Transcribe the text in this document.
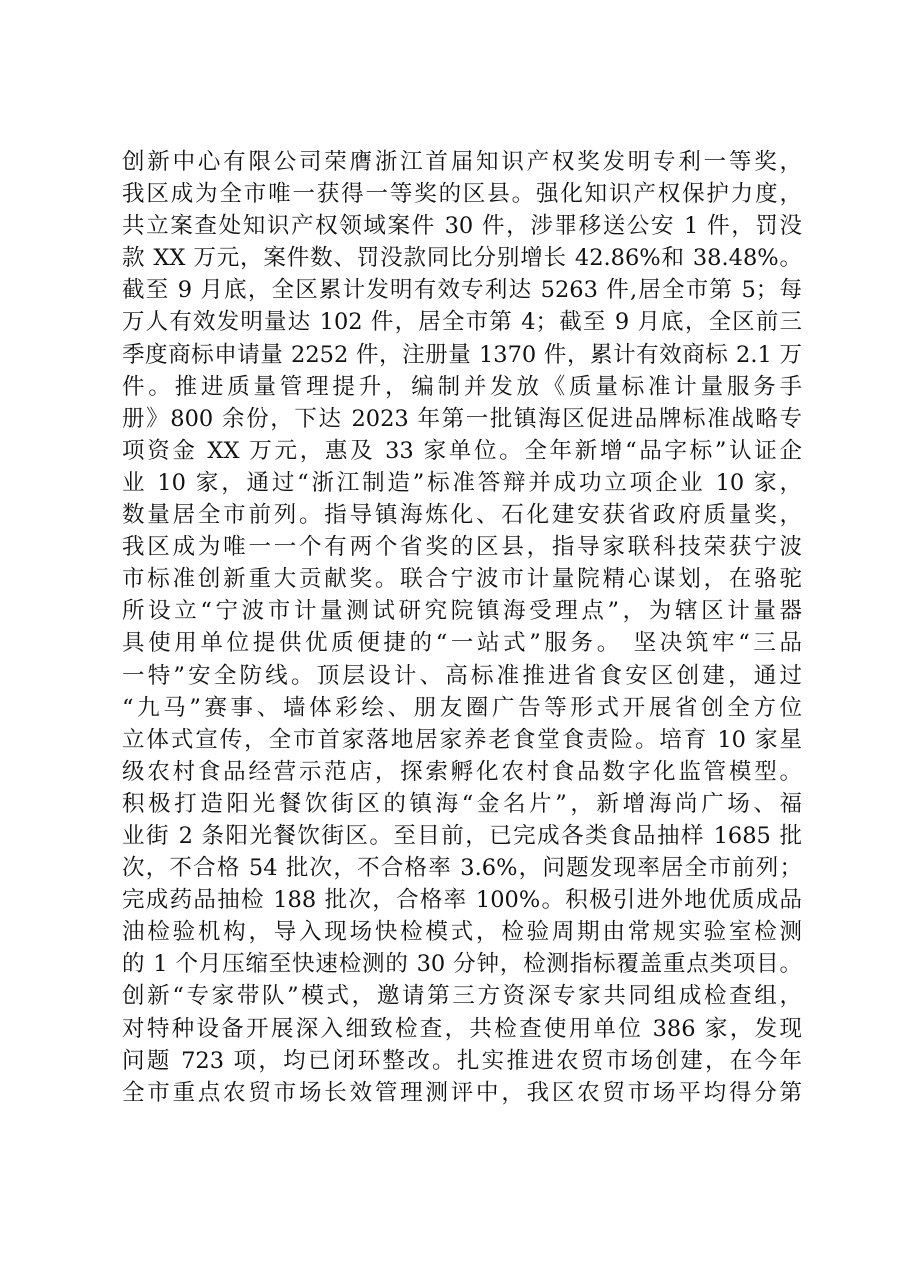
创新中心有限公司荣膺浙江首届知识产权奖发明专利一等奖，
我区成为全市唯一获得一等奖的区县。强化知识产权保护力度，
共立案查处知识产权领域案件 30 件，涉罪移送公安 1 件，罚没
款 XX 万元，案件数、罚没款同比分别增长 42.86%和 38.48%。
截至 9 月底，全区累计发明有效专利达 5263 件,居全市第 5；每
万人有效发明量达 102 件，居全市第 4；截至 9 月底，全区前三
季度商标申请量 2252 件，注册量 1370 件，累计有效商标 2.1 万
件。推进质量管理提升，编制并发放《质量标准计量服务手
册》800 余份，下达 2023 年第一批镇海区促进品牌标准战略专
项资金 XX 万元，惠及 33 家单位。全年新增“品字标”认证企
业 10 家，通过“浙江制造”标准答辩并成功立项企业 10 家，
数量居全市前列。指导镇海炼化、石化建安获省政府质量奖，
我区成为唯一一个有两个省奖的区县，指导家联科技荣获宁波
市标准创新重大贡献奖。联合宁波市计量院精心谋划，在骆驼
所设立“宁波市计量测试研究院镇海受理点”，为辖区计量器
具使用单位提供优质便捷的“一站式”服务。 坚决筑牢“三品
一特”安全防线。顶层设计、高标准推进省食安区创建，通过
“九马”赛事、墙体彩绘、朋友圈广告等形式开展省创全方位
立体式宣传，全市首家落地居家养老食堂食责险。培育 10 家星
级农村食品经营示范店，探索孵化农村食品数字化监管模型。
积极打造阳光餐饮街区的镇海“金名片”，新增海尚广场、福
业街 2 条阳光餐饮街区。至目前，已完成各类食品抽样 1685 批
次，不合格 54 批次，不合格率 3.6%，问题发现率居全市前列；
完成药品抽检 188 批次，合格率 100%。积极引进外地优质成品
油检验机构，导入现场快检模式，检验周期由常规实验室检测
的 1 个月压缩至快速检测的 30 分钟，检测指标覆盖重点类项目。
创新“专家带队”模式，邀请第三方资深专家共同组成检查组，
对特种设备开展深入细致检查，共检查使用单位 386 家，发现
问题 723 项，均已闭环整改。扎实推进农贸市场创建，在今年
全市重点农贸市场长效管理测评中，我区农贸市场平均得分第
